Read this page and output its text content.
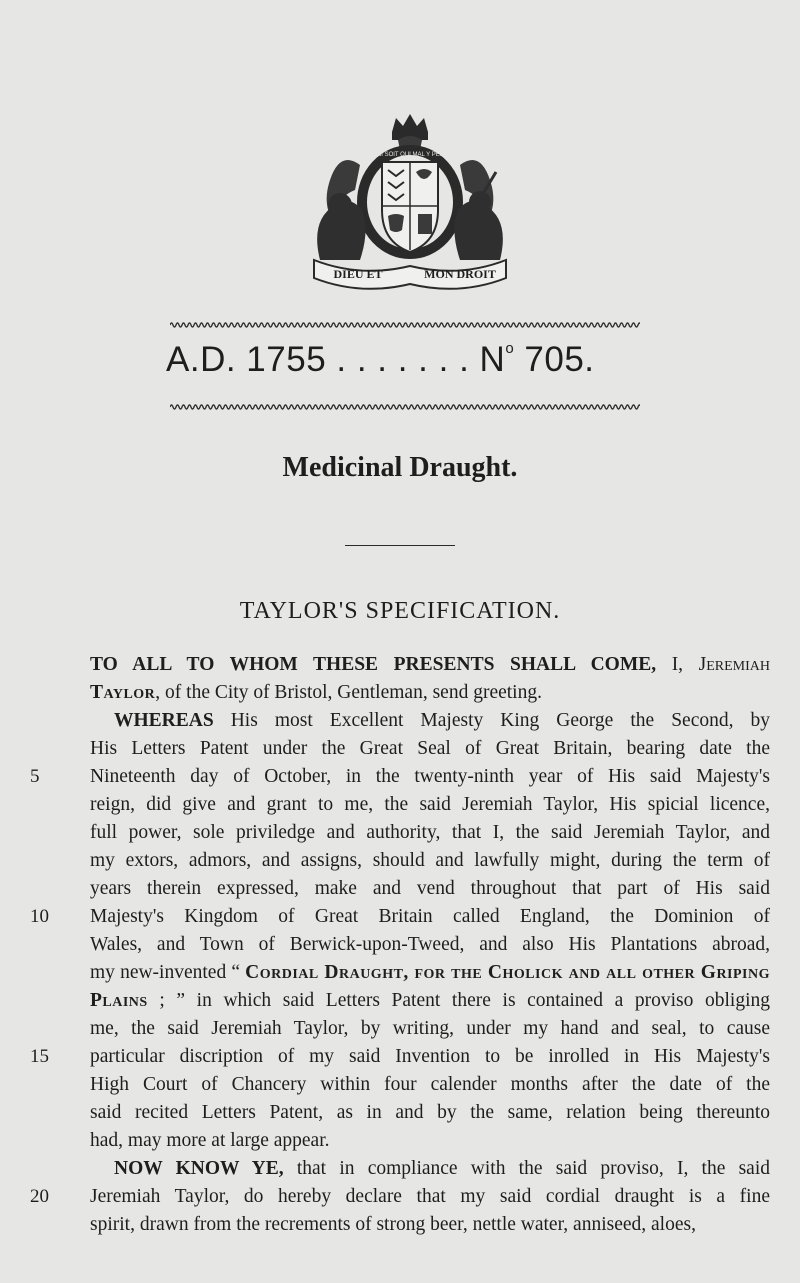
DIEU ET	MON DROIT
HONI SOIT QUI MAL Y PENSE
A.D. 1755 . . . . . . . $N^o$ 705.
Medicinal Draught.
TAYLOR'S SPECIFICATION.
TO ALL TO WHOM THESE PRESENTS SHALL COME, I, Jeremiah
Taylor, of the City of Bristol, Gentleman, send greeting.
WHEREAS His most Excellent Majesty King George the Second, by
His Letters Patent under the Great Seal of Great Britain, bearing date the
5	Nineteenth day of October, in the twenty-ninth year of His said Majesty's
reign, did give and grant to me, the said Jeremiah Taylor, His spicial licence,
full power, sole priviledge and authority, that I, the said Jeremiah Taylor, and
my extors, admors, and assigns, should and lawfully might, during the term of
years therein expressed, make and vend throughout that part of His said
10	Majesty's Kingdom of Great Britain called England, the Dominion of
Wales, and Town of Berwick-upon-Tweed, and also His Plantations abroad,
my new-invented “ Cordial Draught, for the Cholick and all other Griping
Plains ; ” in which said Letters Patent there is contained a proviso obliging
me, the said Jeremiah Taylor, by writing, under my hand and seal, to cause
15	particular discription of my said Invention to be inrolled in His Majesty's
High Court of Chancery within four calender months after the date of the
said recited Letters Patent, as in and by the same, relation being thereunto
had, may more at large appear.
NOW KNOW YE, that in compliance with the said proviso, I, the said
20	Jeremiah Taylor, do hereby declare that my said cordial draught is a fine
spirit, drawn from the recrements of strong beer, nettle water, anniseed, aloes,
